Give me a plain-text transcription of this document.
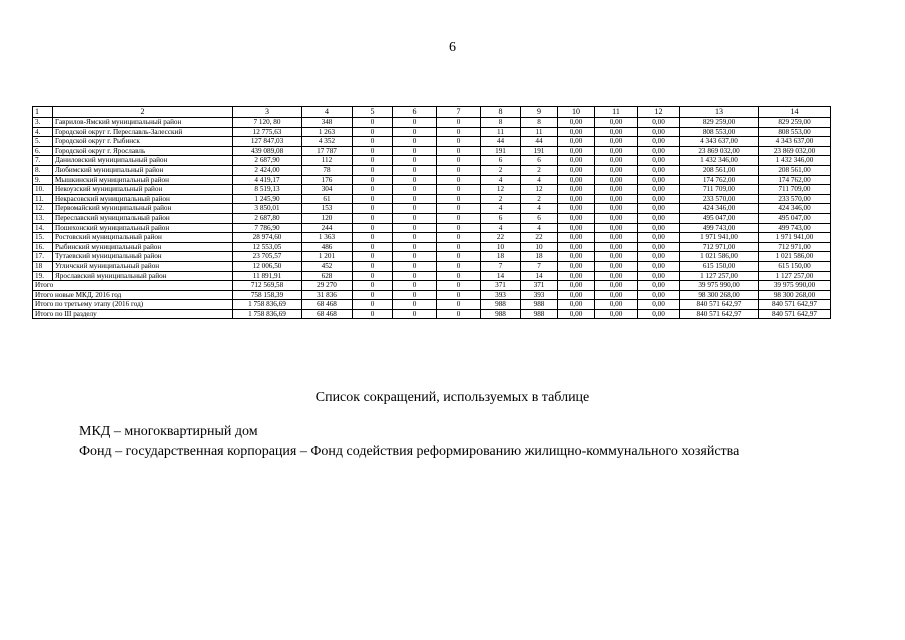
6
1	2	3	4	5	6	7	8	9	10	11	12	13	14
3.	Гаврилов-Ямский муниципальный район	7 120, 80	348	0	0	0	8	8	0,00	0,00	0,00	829 259,00	829 259,00
4.	Городской округ г. Переславль-Залесский	12 775,63	1 263	0	0	0	11	11	0,00	0,00	0,00	808 553,00	808 553,00
5.	Городской округ г. Рыбинск	127 847,03	4 352	0	0	0	44	44	0,00	0,00	0,00	4 343 637,00	4 343 637,00
6.	Городской округ г. Ярославль	439 089,08	17 787	0	0	0	191	191	0,00	0,00	0,00	23 869 032,00	23 869 032,00
7.	Даниловский муниципальный район	2 687,90	112	0	0	0	6	6	0,00	0,00	0,00	1 432 346,00	1 432 346,00
8.	Любимский муниципальный район	2 424,00	78	0	0	0	2	2	0,00	0,00	0,00	208 561,00	208 561,00
9.	Мышкинский муниципальный район	4 419,17	176	0	0	0	4	4	0,00	0,00	0,00	174 762,00	174 762,00
10.	Некоузский муниципальный район	8 519,13	304	0	0	0	12	12	0,00	0,00	0,00	711 709,00	711 709,00
11.	Некрасовский муниципальный район	1 245,90	61	0	0	0	2	2	0,00	0,00	0,00	233 570,00	233 570,00
12.	Первомайский муниципальный район	3 850,01	153	0	0	0	4	4	0,00	0,00	0,00	424 346,00	424 346,00
13.	Переславский муниципальный район	2 687,80	120	0	0	0	6	6	0,00	0,00	0,00	495 047,00	495 047,00
14.	Пошехонский муниципальный район	7 786,90	244	0	0	0	4	4	0,00	0,00	0,00	499 743,00	499 743,00
15.	Ростовский муниципальный район	28 974,60	1 363	0	0	0	22	22	0,00	0,00	0,00	1 971 941,00	1 971 941,00
16.	Рыбинский муниципальный район	12 553,05	486	0	0	0	10	10	0,00	0,00	0,00	712 971,00	712 971,00
17.	Тутаевский муниципальный район	23 705,57	1 201	0	0	0	18	18	0,00	0,00	0,00	1 021 586,00	1 021 586,00
18	Угличский муниципальный район	12 006,50	452	0	0	0	7	7	0,00	0,00	0,00	615 150,00	615 150,00
19.	Ярославский муниципальный район	11 891,91	628	0	0	0	14	14	0,00	0,00	0,00	1 127 257,00	1 127 257,00
Итого		712 569,58	29 270	0	0	0	371	371	0,00	0,00	0,00	39 975 990,00	39 975 990,00
Итого новые МКД, 2016 год		758 158,39	31 836	0	0	0	393	393	0,00	0,00	0,00	98 300 268,00	98 300 268,00
Итого по третьему этапу (2016 год)		1 758 836,69	68 468	0	0	0	988	988	0,00	0,00	0,00	840 571 642,97	840 571 642,97
Итого по III разделу		1 758 836,69	68 468	0	0	0	988	988	0,00	0,00	0,00	840 571 642,97	840 571 642,97
Список сокращений, используемых в таблице
МКД – многоквартирный дом
Фонд – государственная корпорация – Фонд содействия реформированию жилищно-коммунального хозяйства
